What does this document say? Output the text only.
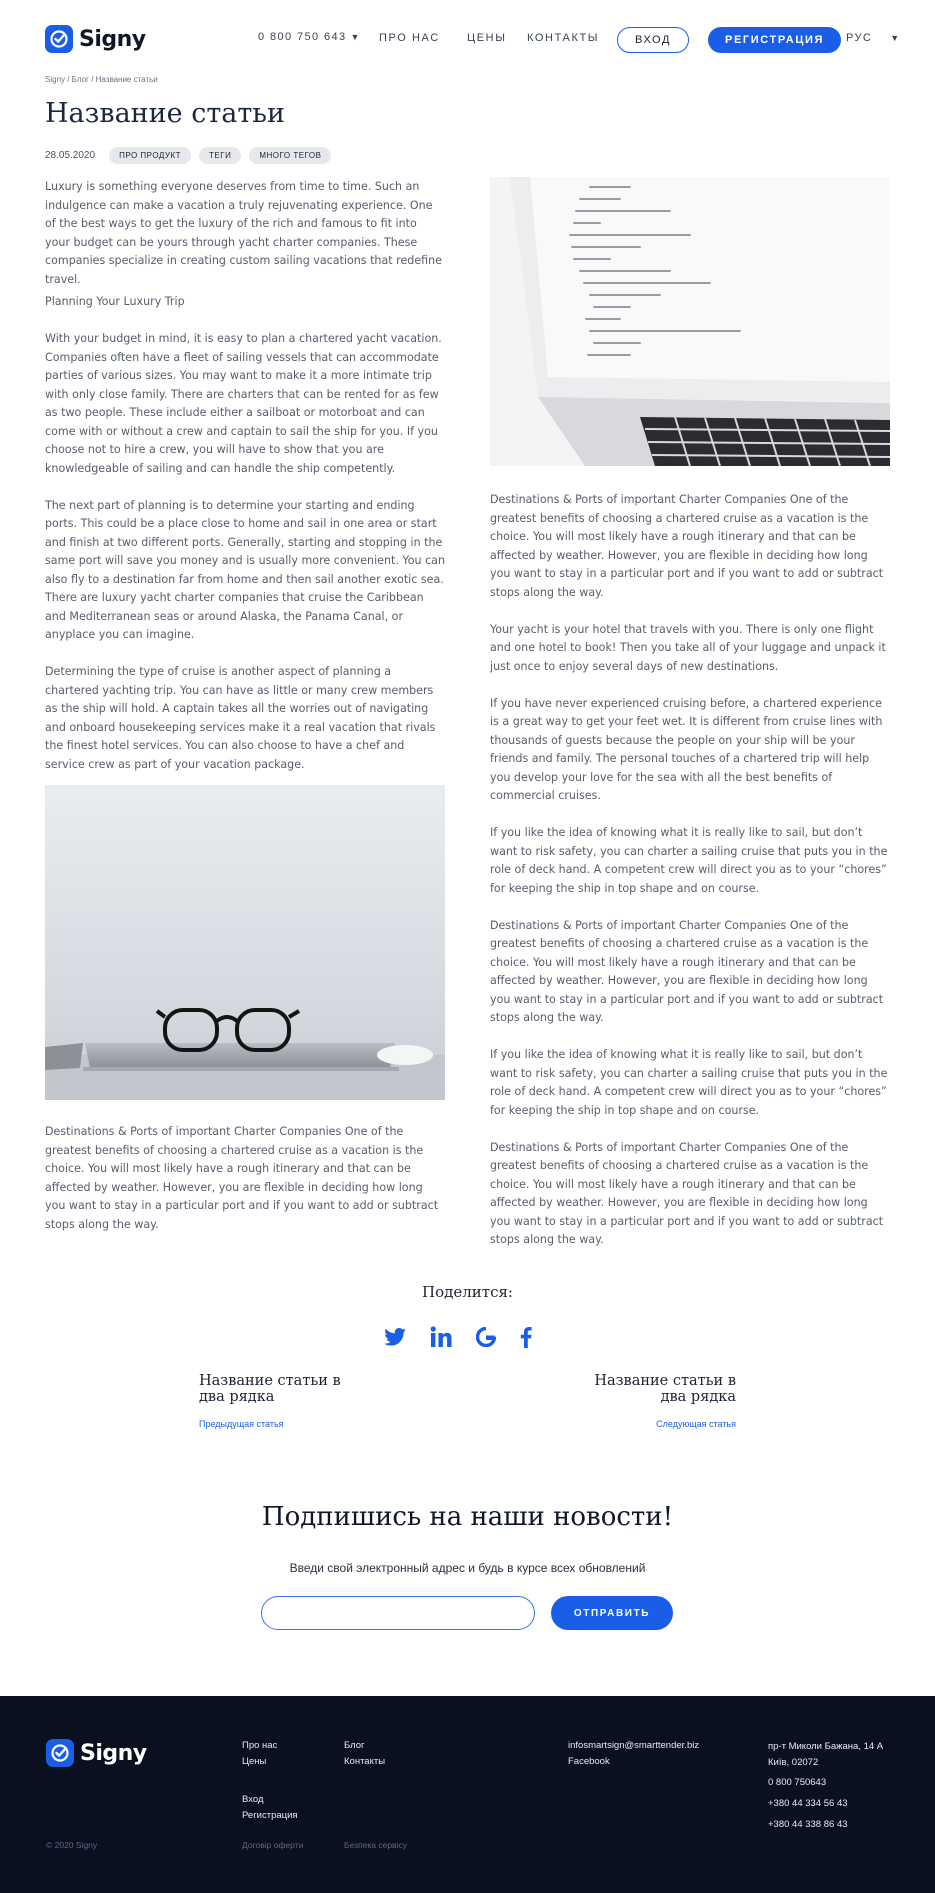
Signy	0 800 750 643 ▼ ПРО НАС ЦЕНЫ КОНТАКТЫ	ВХОД	РЕГИСТРАЦИЯ	РУС ▼
Signy / Блог / Название статьи
Название статьи
28.05.2020	ПРО ПРОДУКТ	ТЕГИ	МНОГО ТЕГОВ

Luxury is something everyone deserves from time to time. Such an indulgence can make a vacation a truly rejuvenating experience. One of the best ways to get the luxury of the rich and famous to fit into your budget can be yours through yacht charter companies. These companies specialize in creating custom sailing vacations that redefine travel.

Planning Your Luxury Trip

With your budget in mind, it is easy to plan a chartered yacht vacation. Companies often have a fleet of sailing vessels that can accommodate parties of various sizes. You may want to make it a more intimate trip with only close family. There are charters that can be rented for as few as two people. These include either a sailboat or motorboat and can come with or without a crew and captain to sail the ship for you. If you choose not to hire a crew, you will have to show that you are knowledgeable of sailing and can handle the ship competently.

The next part of planning is to determine your starting and ending ports. This could be a place close to home and sail in one area or start and finish at two different ports. Generally, starting and stopping in the same port will save you money and is usually more convenient. You can also fly to a destination far from home and then sail another exotic sea. There are luxury yacht charter companies that cruise the Caribbean and Mediterranean seas or around Alaska, the Panama Canal, or anyplace you can imagine.

Determining the type of cruise is another aspect of planning a chartered yachting trip. You can have as little or many crew members as the ship will hold. A captain takes all the worries out of navigating and onboard housekeeping services make it a real vacation that rivals the finest hotel services. You can also choose to have a chef and service crew as part of your vacation package.

Destinations & Ports of important Charter Companies One of the greatest benefits of choosing a chartered cruise as a vacation is the choice. You will most likely have a rough itinerary and that can be affected by weather. However, you are flexible in deciding how long you want to stay in a particular port and if you want to add or subtract stops along the way.

Destinations & Ports of important Charter Companies One of the greatest benefits of choosing a chartered cruise as a vacation is the choice. You will most likely have a rough itinerary and that can be affected by weather. However, you are flexible in deciding how long you want to stay in a particular port and if you want to add or subtract stops along the way.

Your yacht is your hotel that travels with you. There is only one flight and one hotel to book! Then you take all of your luggage and unpack it just once to enjoy several days of new destinations.

If you have never experienced cruising before, a chartered experience is a great way to get your feet wet. It is different from cruise lines with thousands of guests because the people on your ship will be your friends and family. The personal touches of a chartered trip will help you develop your love for the sea with all the best benefits of commercial cruises.

If you like the idea of knowing what it is really like to sail, but don’t want to risk safety, you can charter a sailing cruise that puts you in the role of deck hand. A competent crew will direct you as to your “chores” for keeping the ship in top shape and on course.

Destinations & Ports of important Charter Companies One of the greatest benefits of choosing a chartered cruise as a vacation is the choice. You will most likely have a rough itinerary and that can be affected by weather. However, you are flexible in deciding how long you want to stay in a particular port and if you want to add or subtract stops along the way.

If you like the idea of knowing what it is really like to sail, but don’t want to risk safety, you can charter a sailing cruise that puts you in the role of deck hand. A competent crew will direct you as to your “chores” for keeping the ship in top shape and on course.

Destinations & Ports of important Charter Companies One of the greatest benefits of choosing a chartered cruise as a vacation is the choice. You will most likely have a rough itinerary and that can be affected by weather. However, you are flexible in deciding how long you want to stay in a particular port and if you want to add or subtract stops along the way.

Поделится:
Название статьи в два рядка
Предыдущая статья
Название статьи в два рядка
Следующая статья
Подпишись на наши новости!
Введи свой электронный адрес и будь в курсе всех обновлений
ОТПРАВИТЬ
Signy	Про нас
Цены
Вход
Регистрация
Блог
Контакты
infosmartsign@smarttender.biz
Facebook
пр-т Миколи Бажана, 14 А
Київ, 02072
0 800 750643
+380 44 334 56 43
+380 44 338 86 43
© 2020 Signy	Договір оферти	Безпека сервісу
